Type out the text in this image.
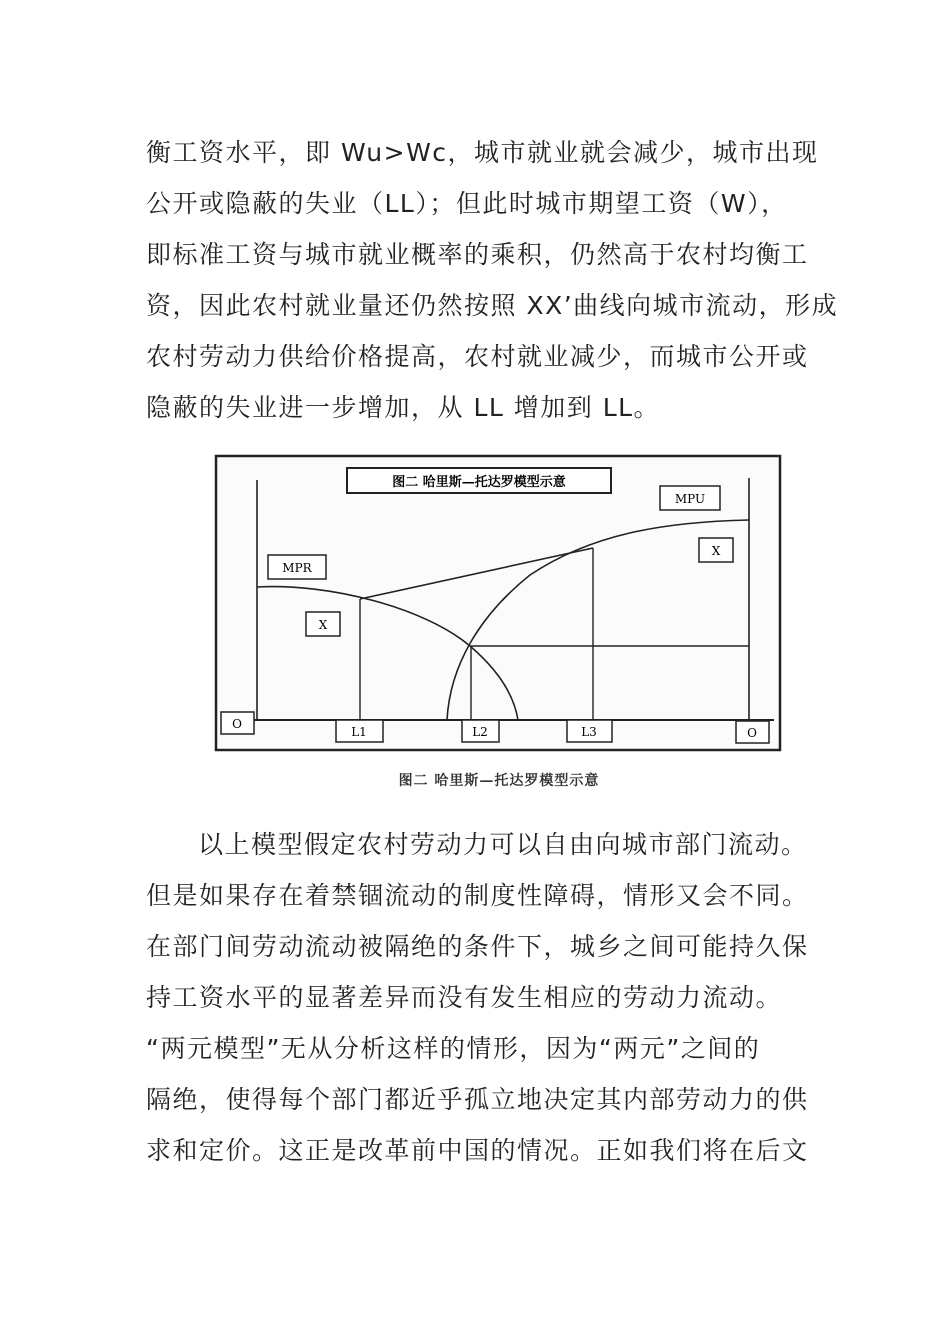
衡工资水平，即 Wu>Wc，城市就业就会减少，城市出现
公开或隐蔽的失业（LL）；但此时城市期望工资（W），
即标准工资与城市就业概率的乘积，仍然高于农村均衡工
资，因此农村就业量还仍然按照 XX’曲线向城市流动，形成
农村劳动力供给价格提高，农村就业减少，而城市公开或
隐蔽的失业进一步增加，从 LL 增加到 LL。
图二 哈里斯—托达罗模型示意
MPR
MPU
X
X
O
O
L1	L2	L3
图二 哈里斯—托达罗模型示意
以上模型假定农村劳动力可以自由向城市部门流动。
但是如果存在着禁锢流动的制度性障碍，情形又会不同。
在部门间劳动流动被隔绝的条件下，城乡之间可能持久保
持工资水平的显著差异而没有发生相应的劳动力流动。
“两元模型”无从分析这样的情形，因为“两元”之间的
隔绝，使得每个部门都近乎孤立地决定其内部劳动力的供
求和定价。这正是改革前中国的情况。正如我们将在后文
